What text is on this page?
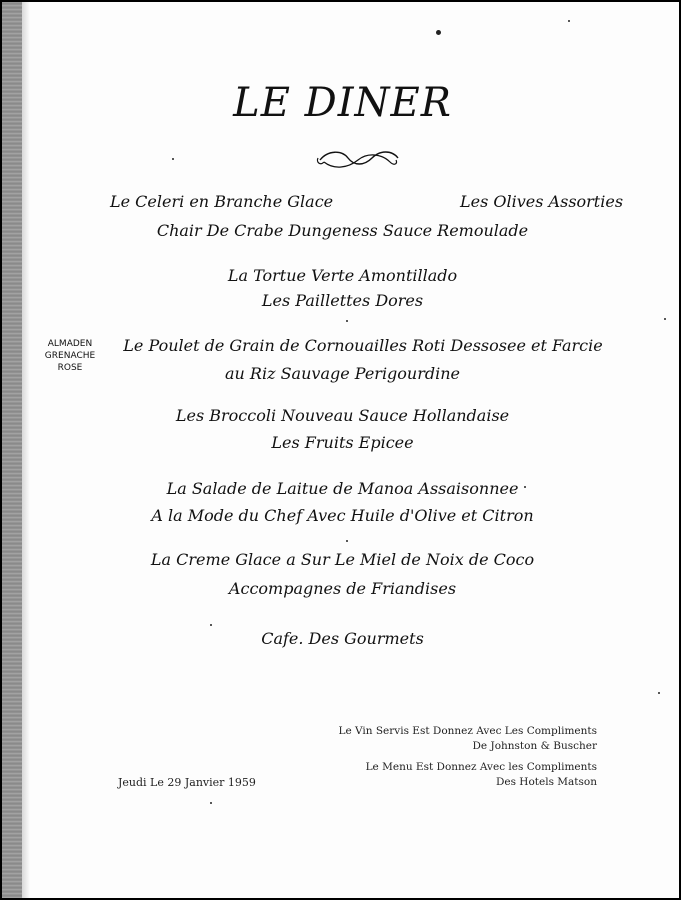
LE DINER
Le Celeri en Branche Glace	Les Olives Assorties
Chair De Crabe Dungeness Sauce Remoulade
La Tortue Verte Amontillado
Les Paillettes Dores
ALMADEN
GRENACHE
ROSE
Le Poulet de Grain de Cornouailles Roti Dessosee et Farcie
au Riz Sauvage Perigourdine
Les Broccoli Nouveau Sauce Hollandaise
Les Fruits Epicee
La Salade de Laitue de Manoa Assaisonnee
A la Mode du Chef Avec Huile d'Olive et Citron
La Creme Glace a Sur Le Miel de Noix de Coco
Accompagnes de Friandises
Cafe. Des Gourmets
Le Vin Servis Est Donnez Avec Les Compliments
De Johnston & Buscher
Le Menu Est Donnez Avec les Compliments
Des Hotels Matson
Jeudi Le 29 Janvier 1959
